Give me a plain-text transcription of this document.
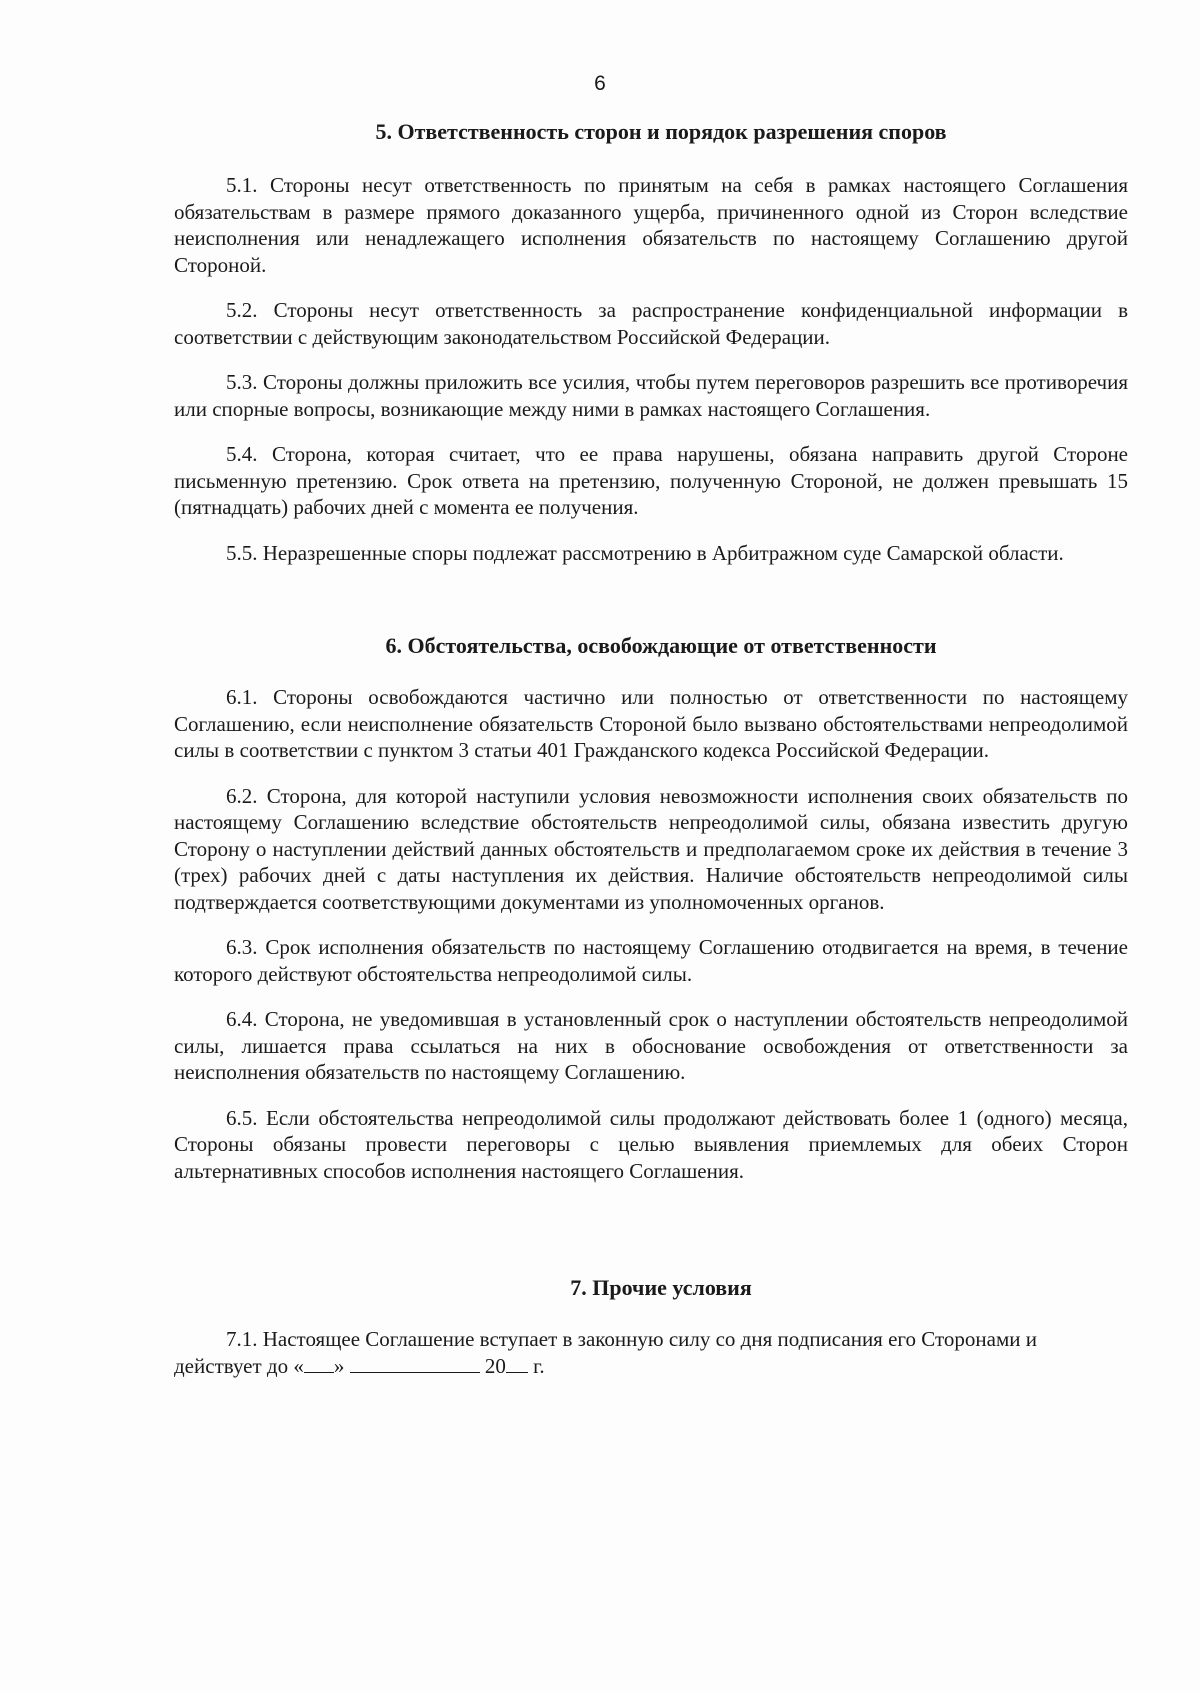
6
5. Ответственность сторон и порядок разрешения споров

5.1. Стороны несут ответственность по принятым на себя в рамках настоящего Соглашения обязательствам в размере прямого доказанного ущерба, причиненного одной из Сторон вследствие неисполнения или ненадлежащего исполнения обязательств по настоящему Соглашению другой Стороной.

5.2. Стороны несут ответственность за распространение конфиденциальной информации в соответствии с действующим законодательством Российской Федерации.

5.3. Стороны должны приложить все усилия, чтобы путем переговоров разрешить все противоречия или спорные вопросы, возникающие между ними в рамках настоящего Соглашения.

5.4. Сторона, которая считает, что ее права нарушены, обязана направить другой Стороне письменную претензию. Срок ответа на претензию, полученную Стороной, не должен превышать 15 (пятнадцать) рабочих дней с момента ее получения.

5.5. Неразрешенные споры подлежат рассмотрению в Арбитражном суде Самарской области.

6. Обстоятельства, освобождающие от ответственности

6.1. Стороны освобождаются частично или полностью от ответственности по настоящему Соглашению, если неисполнение обязательств Стороной было вызвано обстоятельствами непреодолимой силы в соответствии с пунктом 3 статьи 401 Гражданского кодекса Российской Федерации.

6.2. Сторона, для которой наступили условия невозможности исполнения своих обязательств по настоящему Соглашению вследствие обстоятельств непреодолимой силы, обязана известить другую Сторону о наступлении действий данных обстоятельств и предполагаемом сроке их действия в течение 3 (трех) рабочих дней с даты наступления их действия. Наличие обстоятельств непреодолимой силы подтверждается соответствующими документами из уполномоченных органов.

6.3. Срок исполнения обязательств по настоящему Соглашению отодвигается на время, в течение которого действуют обстоятельства непреодолимой силы.

6.4. Сторона, не уведомившая в установленный срок о наступлении обстоятельств непреодолимой силы, лишается права ссылаться на них в обоснование освобождения от ответственности за неисполнения обязательств по настоящему Соглашению.

6.5. Если обстоятельства непреодолимой силы продолжают действовать более 1 (одного) месяца, Стороны обязаны провести переговоры с целью выявления приемлемых для обеих Сторон альтернативных способов исполнения настоящего Соглашения.

7. Прочие условия

7.1. Настоящее Соглашение вступает в законную силу со дня подписания его Сторонами и действует до « »	20 г.
